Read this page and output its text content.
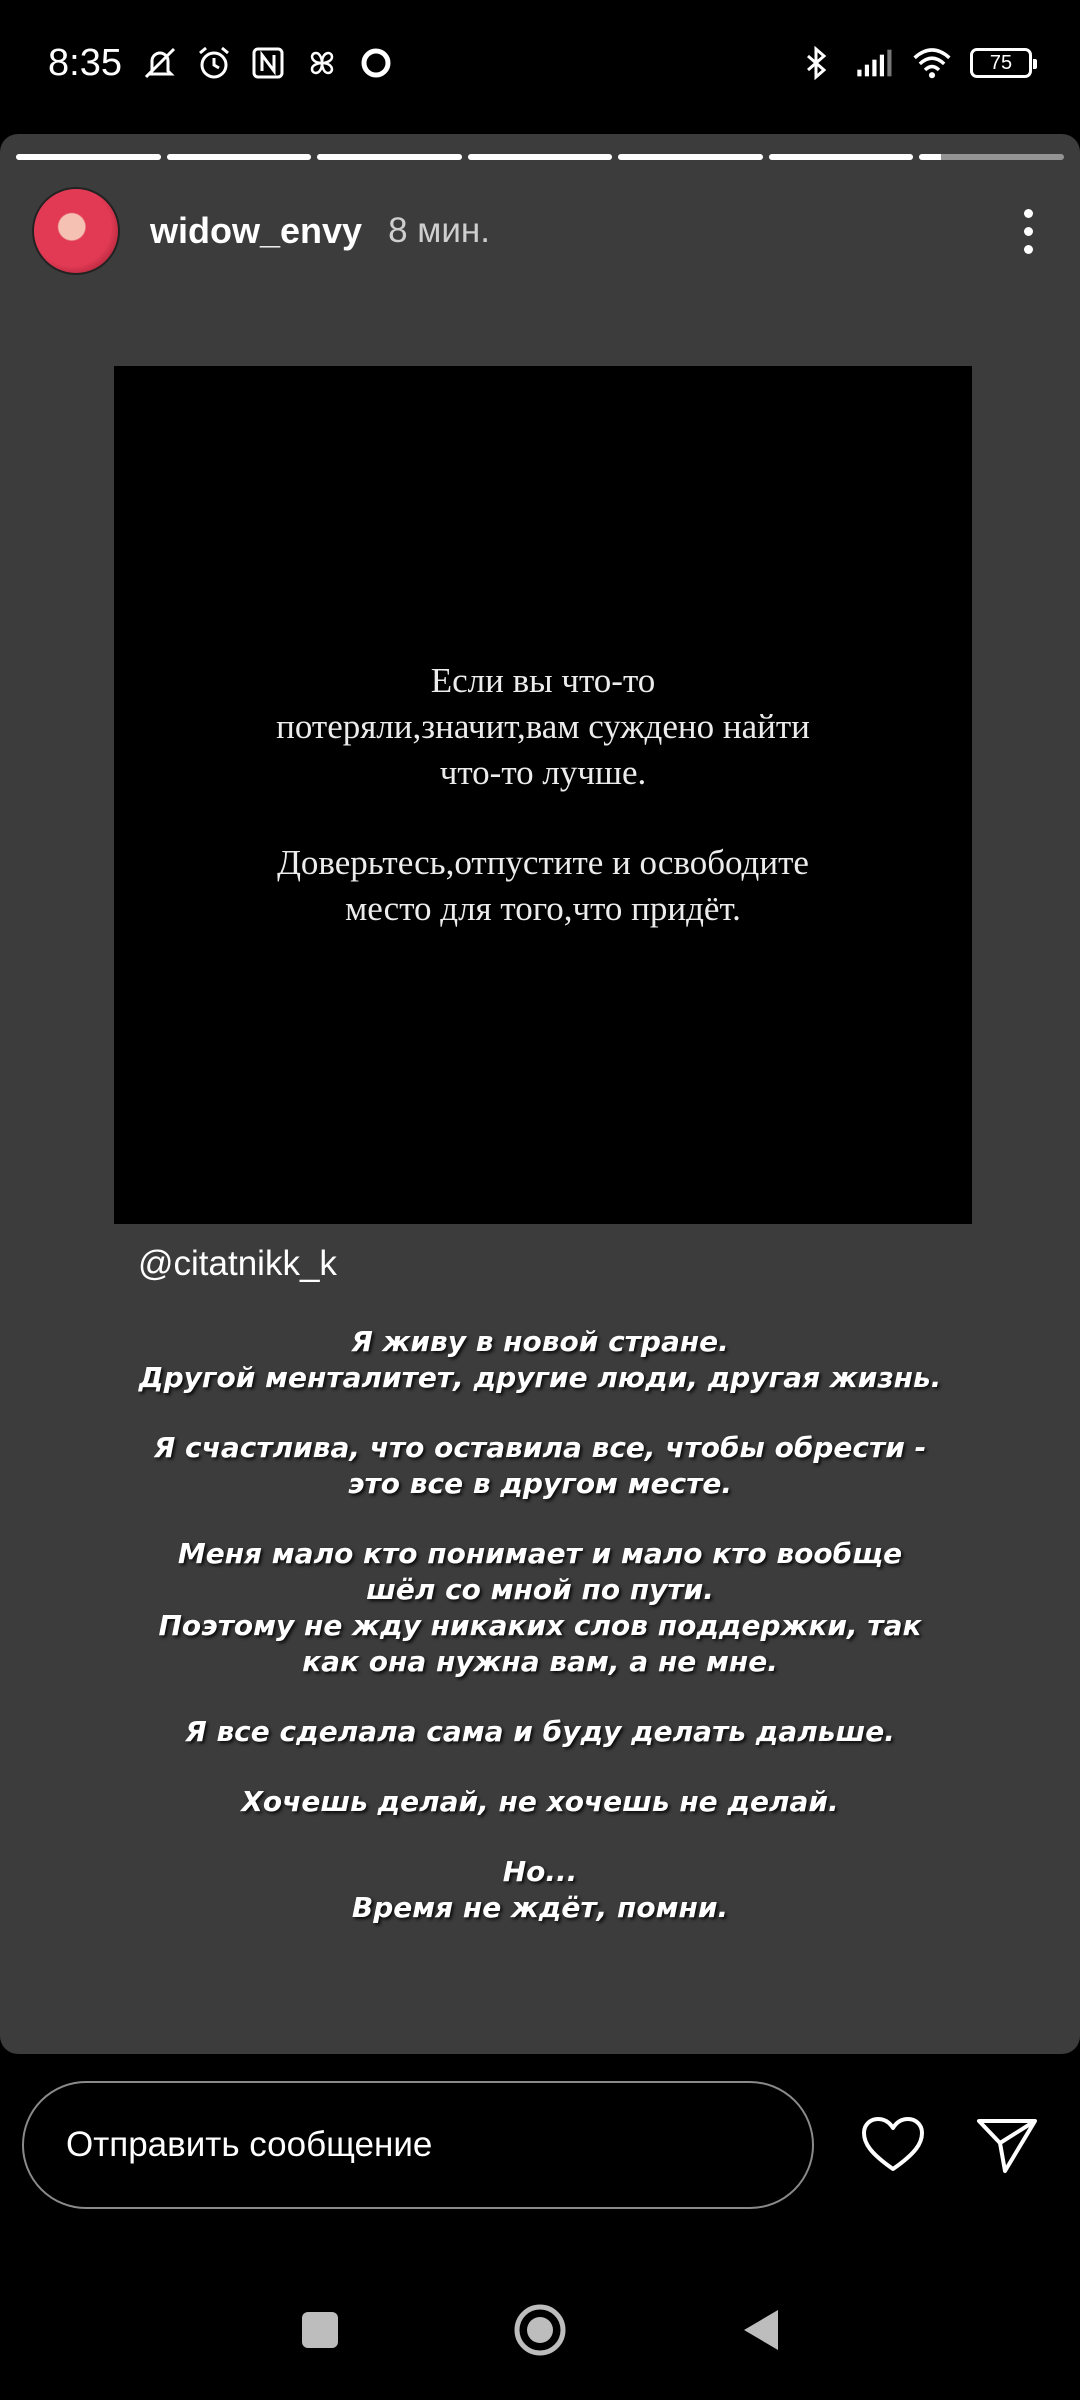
8:35	75
widow_envy 8 мин.

Если вы что-то

потеряли,значит,вам суждено найти

что-то лучше.

Доверьтесь,отпустите и освободите

место для того,что придёт.

@citatnikk_k

Я живу в новой стране.

Другой менталитет, другие люди, другая жизнь.

Я счастлива, что оставила все, чтобы обрести -

это все в другом месте.

Меня мало кто понимает и мало кто вообще

шёл со мной по пути.

Поэтому не жду никаких слов поддержки, так

как она нужна вам, а не мне.

Я все сделала сама и буду делать дальше.

Хочешь делай, не хочешь не делай.

Но...

Время не ждёт, помни.

Отправить сообщение
